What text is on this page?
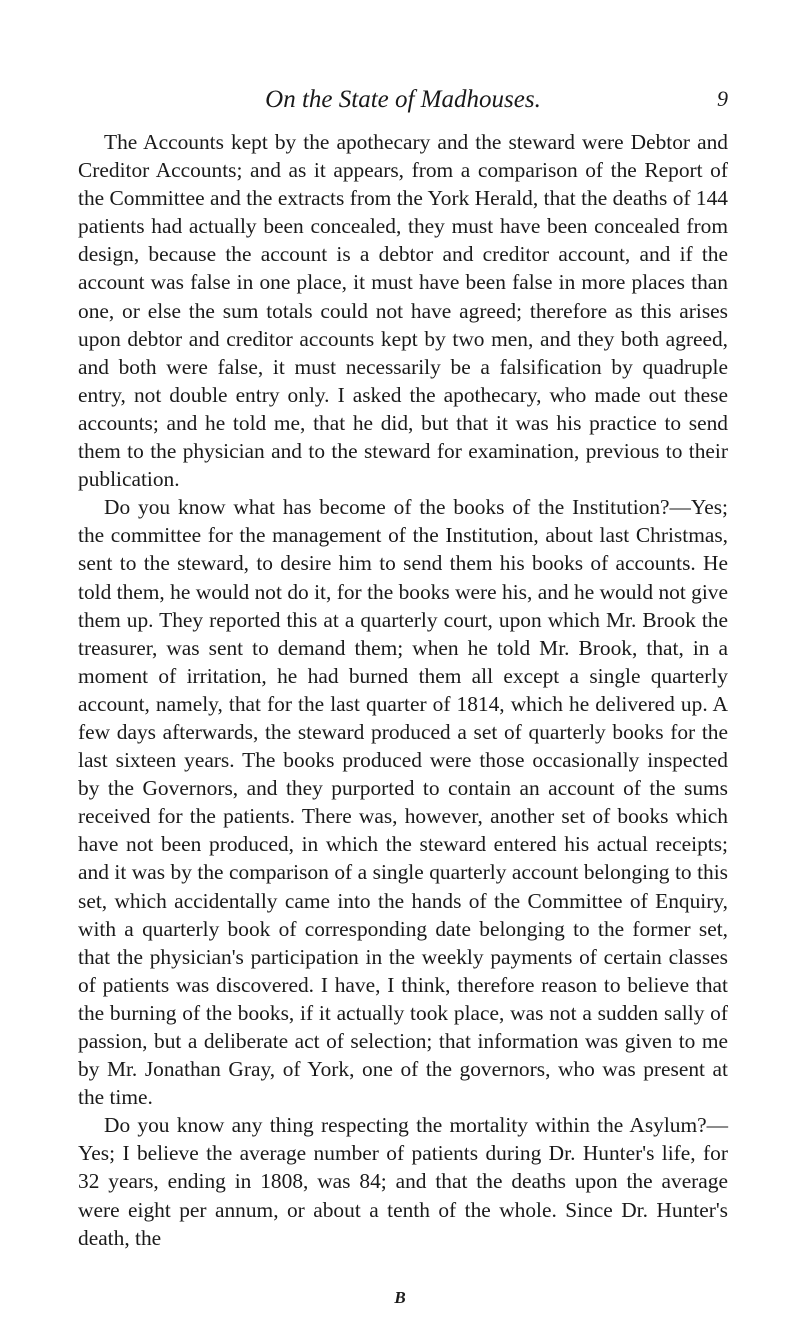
On the State of Madhouses.	9

The Accounts kept by the apothecary and the steward were Debtor and Creditor Accounts; and as it appears, from a comparison of the Report of the Committee and the extracts from the York Herald, that the deaths of 144 patients had actually been concealed, they must have been concealed from design, because the account is a debtor and creditor account, and if the account was false in one place, it must have been false in more places than one, or else the sum totals could not have agreed; therefore as this arises upon debtor and creditor accounts kept by two men, and they both agreed, and both were false, it must necessarily be a falsification by quadruple entry, not double entry only. I asked the apothecary, who made out these accounts; and he told me, that he did, but that it was his practice to send them to the physician and to the steward for examination, previous to their publication.

Do you know what has become of the books of the Institution?—Yes; the committee for the management of the Institution, about last Christmas, sent to the steward, to desire him to send them his books of accounts. He told them, he would not do it, for the books were his, and he would not give them up. They reported this at a quarterly court, upon which Mr. Brook the treasurer, was sent to demand them; when he told Mr. Brook, that, in a moment of irritation, he had burned them all except a single quarterly account, namely, that for the last quarter of 1814, which he delivered up. A few days afterwards, the steward produced a set of quarterly books for the last sixteen years. The books produced were those occasionally inspected by the Governors, and they purported to contain an account of the sums received for the patients. There was, however, another set of books which have not been produced, in which the steward entered his actual receipts; and it was by the comparison of a single quarterly account belonging to this set, which accidentally came into the hands of the Committee of Enquiry, with a quarterly book of corresponding date belonging to the former set, that the physician's participation in the weekly payments of certain classes of patients was discovered. I have, I think, therefore reason to believe that the burning of the books, if it actually took place, was not a sudden sally of passion, but a deliberate act of selection; that information was given to me by Mr. Jonathan Gray, of York, one of the governors, who was present at the time.

Do you know any thing respecting the mortality within the Asylum?—Yes; I believe the average number of patients during Dr. Hunter's life, for 32 years, ending in 1808, was 84; and that the deaths upon the average were eight per annum, or about a tenth of the whole. Since Dr. Hunter's death, the

B
